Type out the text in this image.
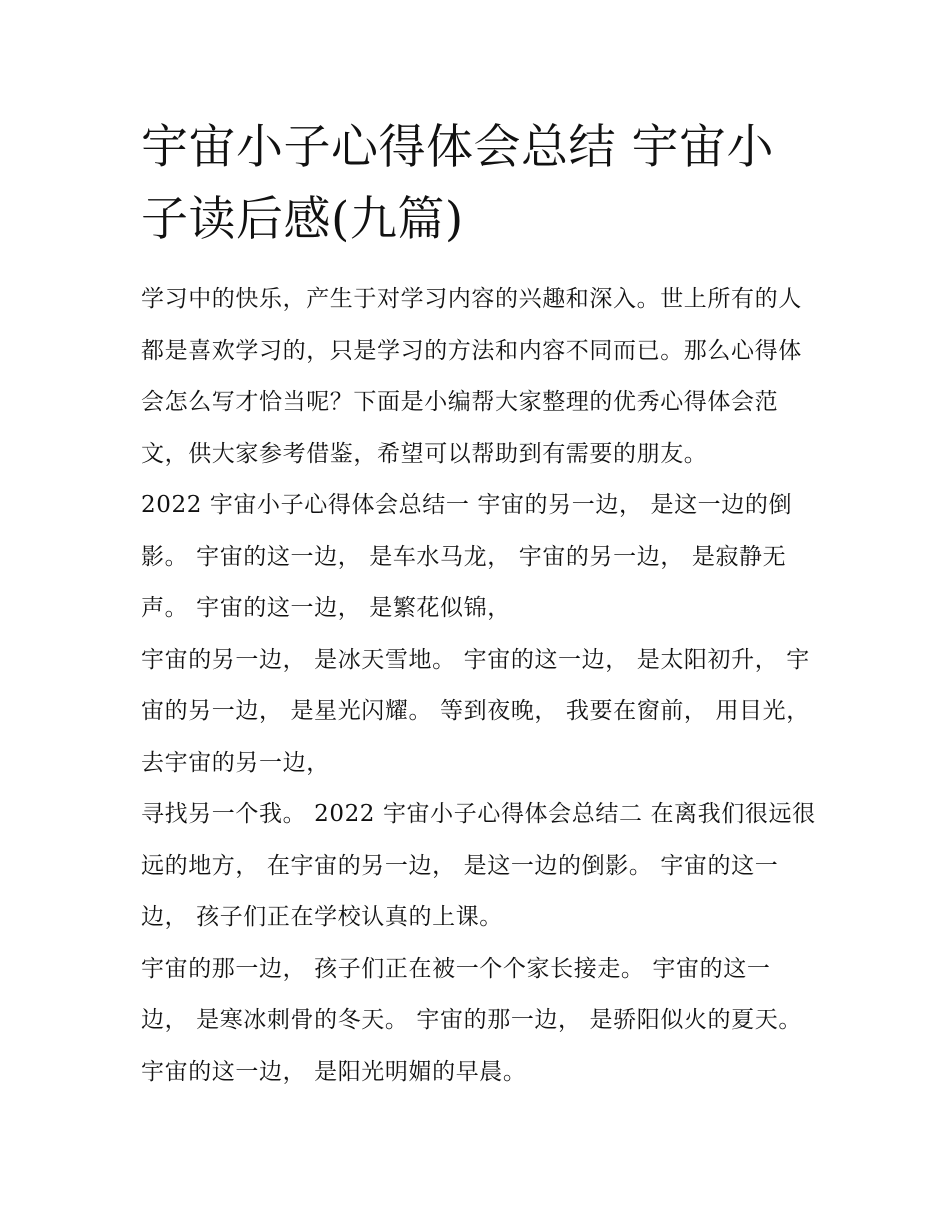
宇宙小子心得体会总结 宇宙小子读后感(九篇)

学习中的快乐，产生于对学习内容的兴趣和深入。世上所有的人都是喜欢学习的，只是学习的方法和内容不同而已。那么心得体会怎么写才恰当呢？下面是小编帮大家整理的优秀心得体会范文，供大家参考借鉴，希望可以帮助到有需要的朋友。

2022 宇宙小子心得体会总结一 宇宙的另一边， 是这一边的倒影。 宇宙的这一边， 是车水马龙， 宇宙的另一边， 是寂静无声。 宇宙的这一边， 是繁花似锦，

宇宙的另一边， 是冰天雪地。 宇宙的这一边， 是太阳初升， 宇宙的另一边， 是星光闪耀。 等到夜晚， 我要在窗前， 用目光， 去宇宙的另一边，

寻找另一个我。 2022 宇宙小子心得体会总结二 在离我们很远很远的地方， 在宇宙的另一边， 是这一边的倒影。 宇宙的这一边， 孩子们正在学校认真的上课。

宇宙的那一边， 孩子们正在被一个个家长接走。 宇宙的这一边， 是寒冰刺骨的冬天。 宇宙的那一边， 是骄阳似火的夏天。 宇宙的这一边， 是阳光明媚的早晨。
